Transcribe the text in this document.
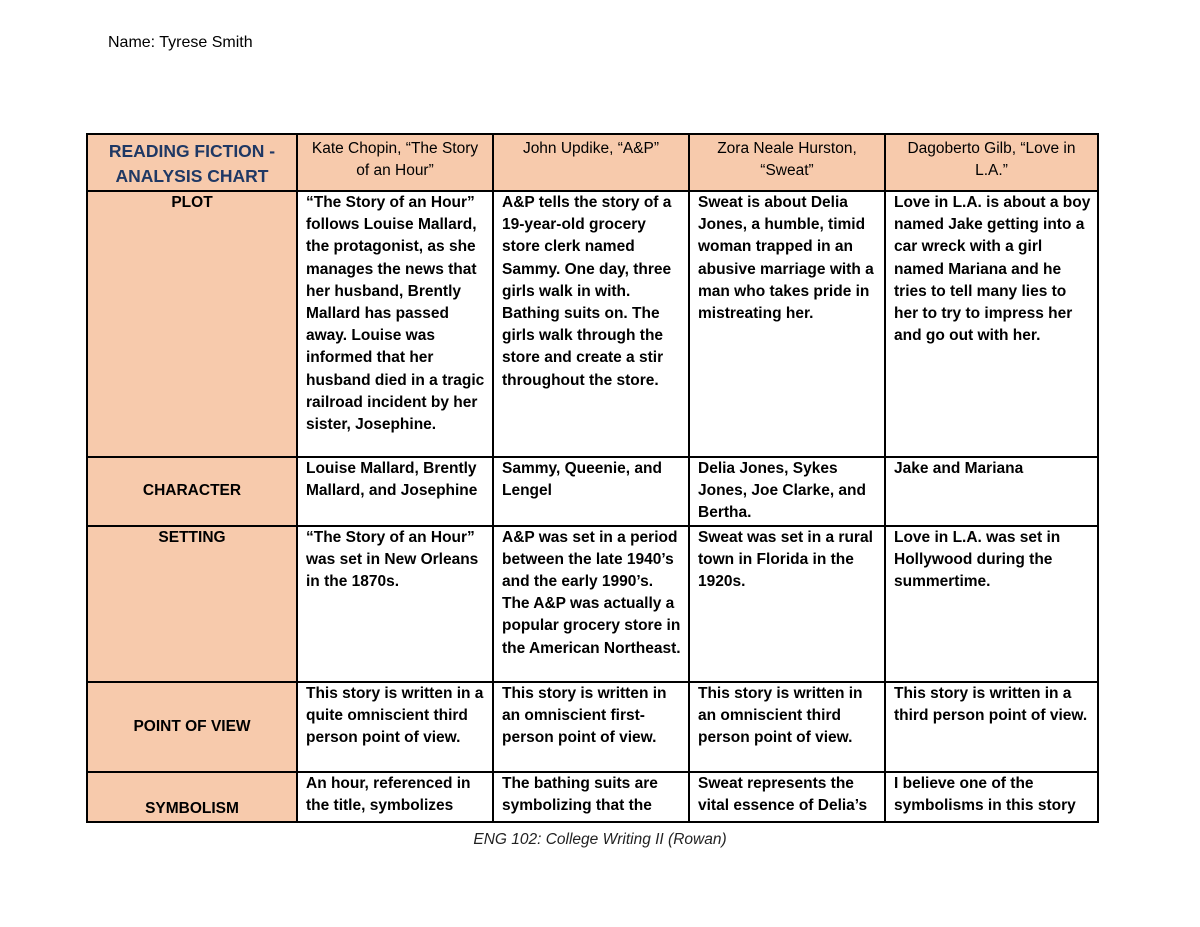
Name: Tyrese Smith
READING FICTION - ANALYSIS CHART	Kate Chopin, “The Story of an Hour”	John Updike, “A&P”	Zora Neale Hurston, “Sweat”	Dagoberto Gilb, “Love in L.A.”
PLOT	“The Story of an Hour” follows Louise Mallard, the protagonist, as she manages the news that her husband, Brently Mallard has passed away. Louise was informed that her husband died in a tragic railroad incident by her sister, Josephine.	A&P tells the story of a 19-year-old grocery store clerk named Sammy. One day, three girls walk in with. Bathing suits on. The girls walk through the store and create a stir throughout the store.	Sweat is about Delia Jones, a humble, timid woman trapped in an abusive marriage with a man who takes pride in mistreating her.	Love in L.A. is about a boy named Jake getting into a car wreck with a girl named Mariana and he tries to tell many lies to her to try to impress her and go out with her.
CHARACTER	Louise Mallard, Brently Mallard, and Josephine	Sammy, Queenie, and Lengel	Delia Jones, Sykes Jones, Joe Clarke, and Bertha.	Jake and Mariana
SETTING	“The Story of an Hour” was set in New Orleans in the 1870s.	A&P was set in a period between the late 1940’s and the early 1990’s. The A&P was actually a popular grocery store in the American Northeast.	Sweat was set in a rural town in Florida in the 1920s.	Love in L.A. was set in Hollywood during the summertime.
POINT OF VIEW	This story is written in a quite omniscient third person point of view.	This story is written in an omniscient first-person point of view.	This story is written in an omniscient third person point of view.	This story is written in a third person point of view.
SYMBOLISM	An hour, referenced in the title, symbolizes	The bathing suits are symbolizing that the	Sweat represents the vital essence of Delia’s	I believe one of the symbolisms in this story
ENG 102: College Writing II (Rowan)
